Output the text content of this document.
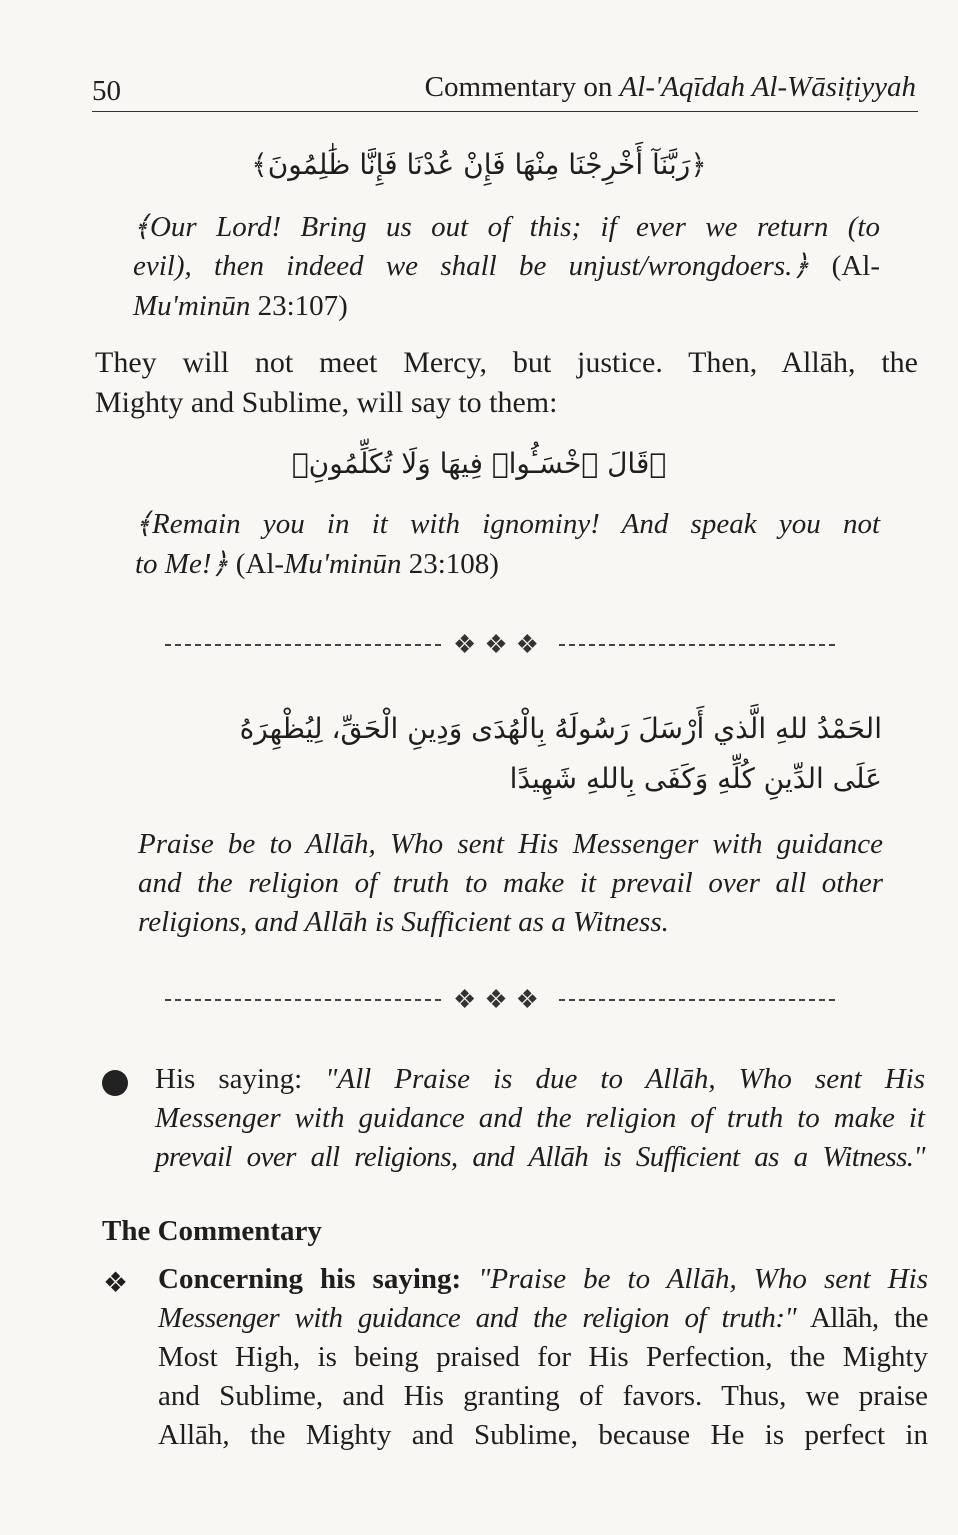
50	Commentary on Al-'Aqīdah Al-Wāsiṭiyyah
﴿رَبَّنَآ أَخْرِجْنَا مِنْهَا فَإِنْ عُدْنَا فَإِنَّا ظَٰلِمُونَ﴾
﴾Our Lord! Bring us out of this; if ever we return (to
evil), then indeed we shall be unjust/wrongdoers.﴿ (Al-
Mu'minūn 23:107)
They will not meet Mercy, but justice. Then, Allāh, the
Mighty and Sublime, will say to them:
﴿قَالَ ٱخْسَـُٔوا۟ فِيهَا وَلَا تُكَلِّمُونِ﴾
﴾Remain you in it with ignominy! And speak you not
to Me!﴿ (Al-Mu'minūn 23:108)
❖❖❖
الحَمْدُ للهِ الَّذي أَرْسَلَ رَسُولَهُ بِالْهُدَى وَدِينِ الْحَقِّ، لِيُظْهِرَهُ
عَلَى الدِّينِ كُلِّهِ وَكَفَى بِاللهِ شَهِيدًا
Praise be to Allāh, Who sent His Messenger with guidance
and the religion of truth to make it prevail over all other
religions, and Allāh is Sufficient as a Witness.
❖❖❖
His saying: "All Praise is due to Allāh, Who sent His
Messenger with guidance and the religion of truth to make it
prevail over all religions, and Allāh is Sufficient as a Witness."
The Commentary
❖ Concerning his saying: "Praise be to Allāh, Who sent His
Messenger with guidance and the religion of truth:" Allāh, the
Most High, is being praised for His Perfection, the Mighty
and Sublime, and His granting of favors. Thus, we praise
Allāh, the Mighty and Sublime, because He is perfect in
